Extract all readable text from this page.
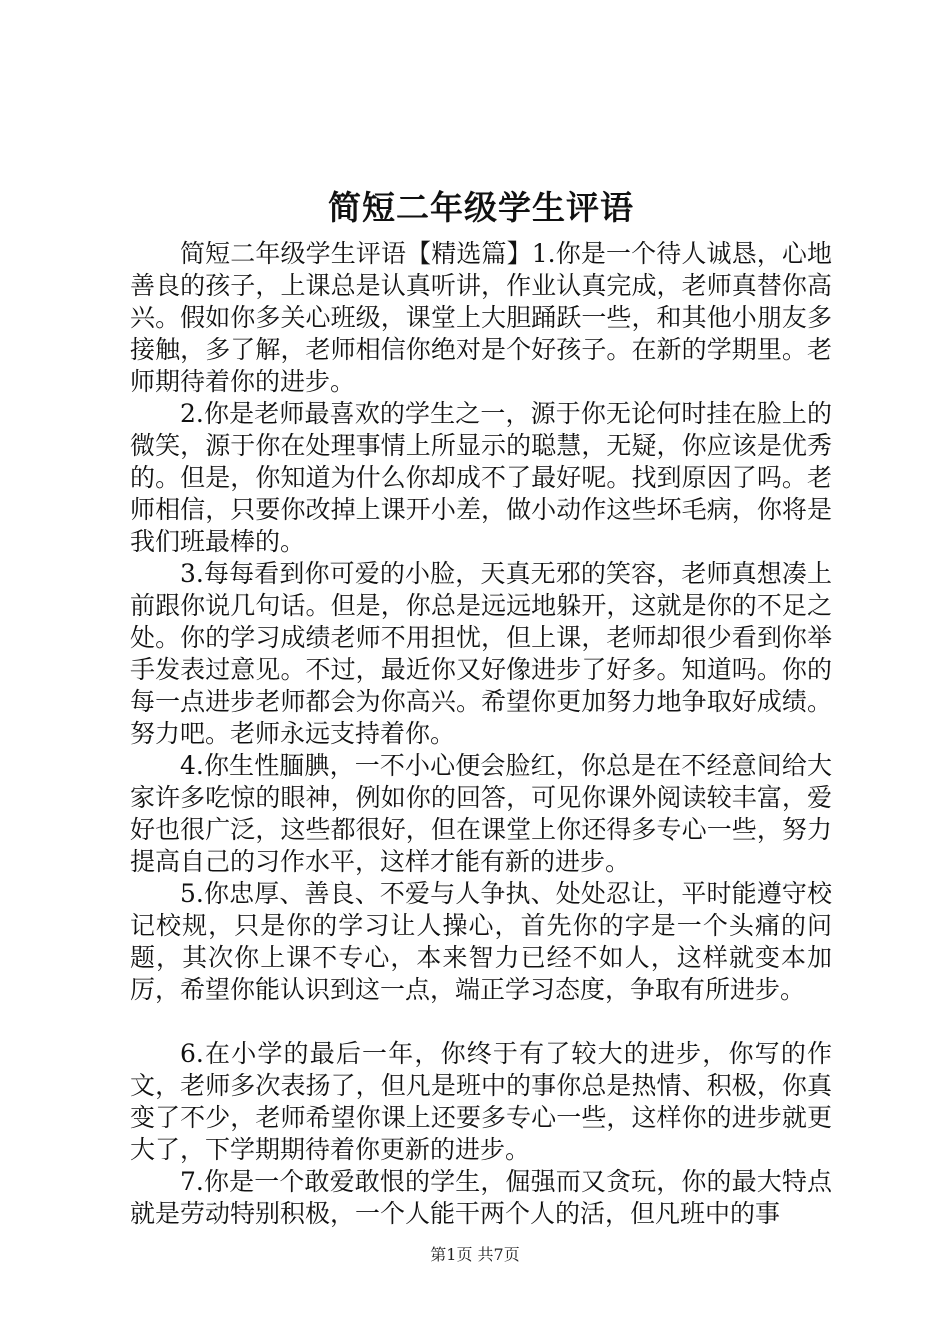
简短二年级学生评语

简短二年级学生评语【精选篇】1.你是一个待人诚恳，心地善良的孩子，上课总是认真听讲，作业认真完成，老师真替你高兴。假如你多关心班级，课堂上大胆踊跃一些，和其他小朋友多接触，多了解，老师相信你绝对是个好孩子。在新的学期里。老师期待着你的进步。

2.你是老师最喜欢的学生之一，源于你无论何时挂在脸上的微笑，源于你在处理事情上所显示的聪慧，无疑，你应该是优秀的。但是，你知道为什么你却成不了最好呢。找到原因了吗。老师相信，只要你改掉上课开小差，做小动作这些坏毛病，你将是我们班最棒的。

3.每每看到你可爱的小脸，天真无邪的笑容，老师真想凑上前跟你说几句话。但是，你总是远远地躲开，这就是你的不足之处。你的学习成绩老师不用担忧，但上课，老师却很少看到你举手发表过意见。不过，最近你又好像进步了好多。知道吗。你的每一点进步老师都会为你高兴。希望你更加努力地争取好成绩。努力吧。老师永远支持着你。

4.你生性腼腆，一不小心便会脸红，你总是在不经意间给大家许多吃惊的眼神，例如你的回答，可见你课外阅读较丰富，爱好也很广泛，这些都很好，但在课堂上你还得多专心一些，努力提高自己的习作水平，这样才能有新的进步。

5.你忠厚、善良、不爱与人争执、处处忍让，平时能遵守校记校规，只是你的学习让人操心，首先你的字是一个头痛的问题，其次你上课不专心，本来智力已经不如人，这样就变本加厉，希望你能认识到这一点，端正学习态度，争取有所进步。

6.在小学的最后一年，你终于有了较大的进步，你写的作文，老师多次表扬了，但凡是班中的事你总是热情、积极，你真变了不少，老师希望你课上还要多专心一些，这样你的进步就更大了，下学期期待着你更新的进步。

7.你是一个敢爱敢恨的学生，倔强而又贪玩，你的最大特点就是劳动特别积极，一个人能干两个人的活，但凡班中的事

第1页 共7页
